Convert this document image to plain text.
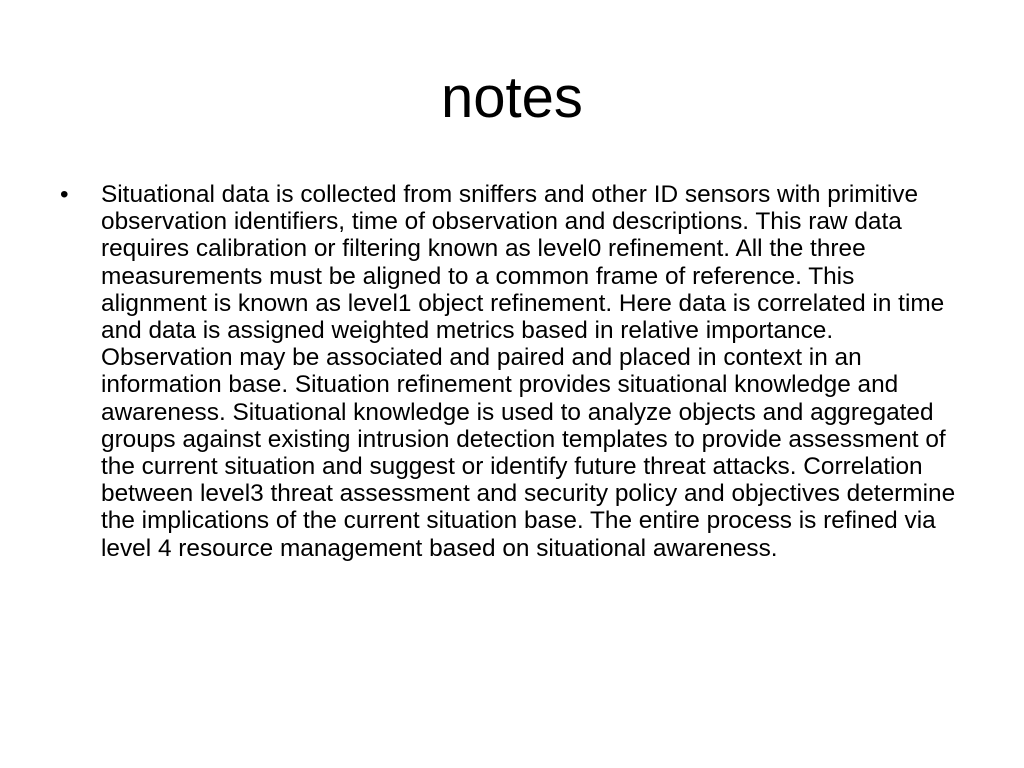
notes
•	Situational data is collected from sniffers and other ID sensors with primitive observation identifiers, time of observation and descriptions. This raw data requires calibration or filtering known as level0 refinement. All the three measurements must be aligned to a common frame of reference. This alignment is known as level1 object refinement. Here data is correlated in time and data is assigned weighted metrics based in relative importance. Observation may be associated and paired and placed in context in an information base. Situation refinement provides situational knowledge and awareness. Situational knowledge is used to analyze objects and aggregated groups against existing intrusion detection templates to provide assessment of the current situation and suggest or identify future threat attacks. Correlation between level3 threat assessment and security policy and objectives determine the implications of the current situation base. The entire process is refined via level 4 resource management based on situational awareness.
